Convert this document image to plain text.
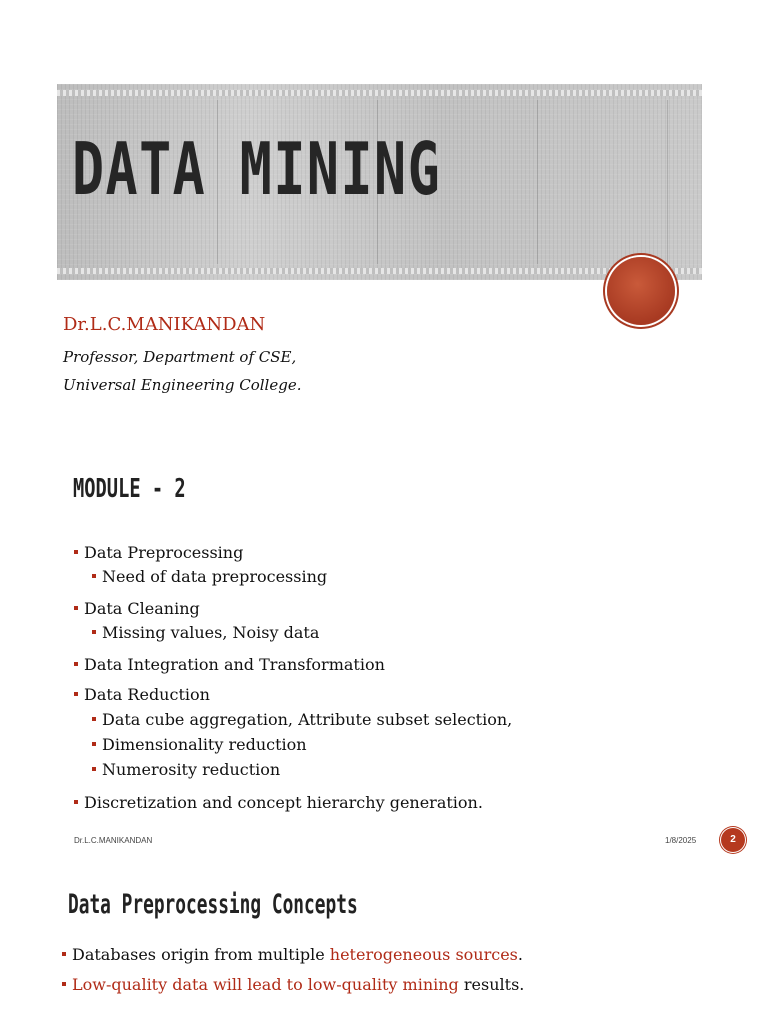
DATA MINING
Dr.L.C.MANIKANDAN
Professor, Department of CSE,
Universal Engineering College.
MODULE - 2
Data Preprocessing
Need of data preprocessing
Data Cleaning
Missing values, Noisy data
Data Integration and Transformation
Data Reduction
Data cube aggregation, Attribute subset selection,
Dimensionality reduction
Numerosity reduction
Discretization and concept hierarchy generation.
Dr.L.C.MANIKANDAN	1/8/2025	2
Data Preprocessing Concepts
Databases origin from multiple heterogeneous sources.
Low-quality data will lead to low-quality mining results.
